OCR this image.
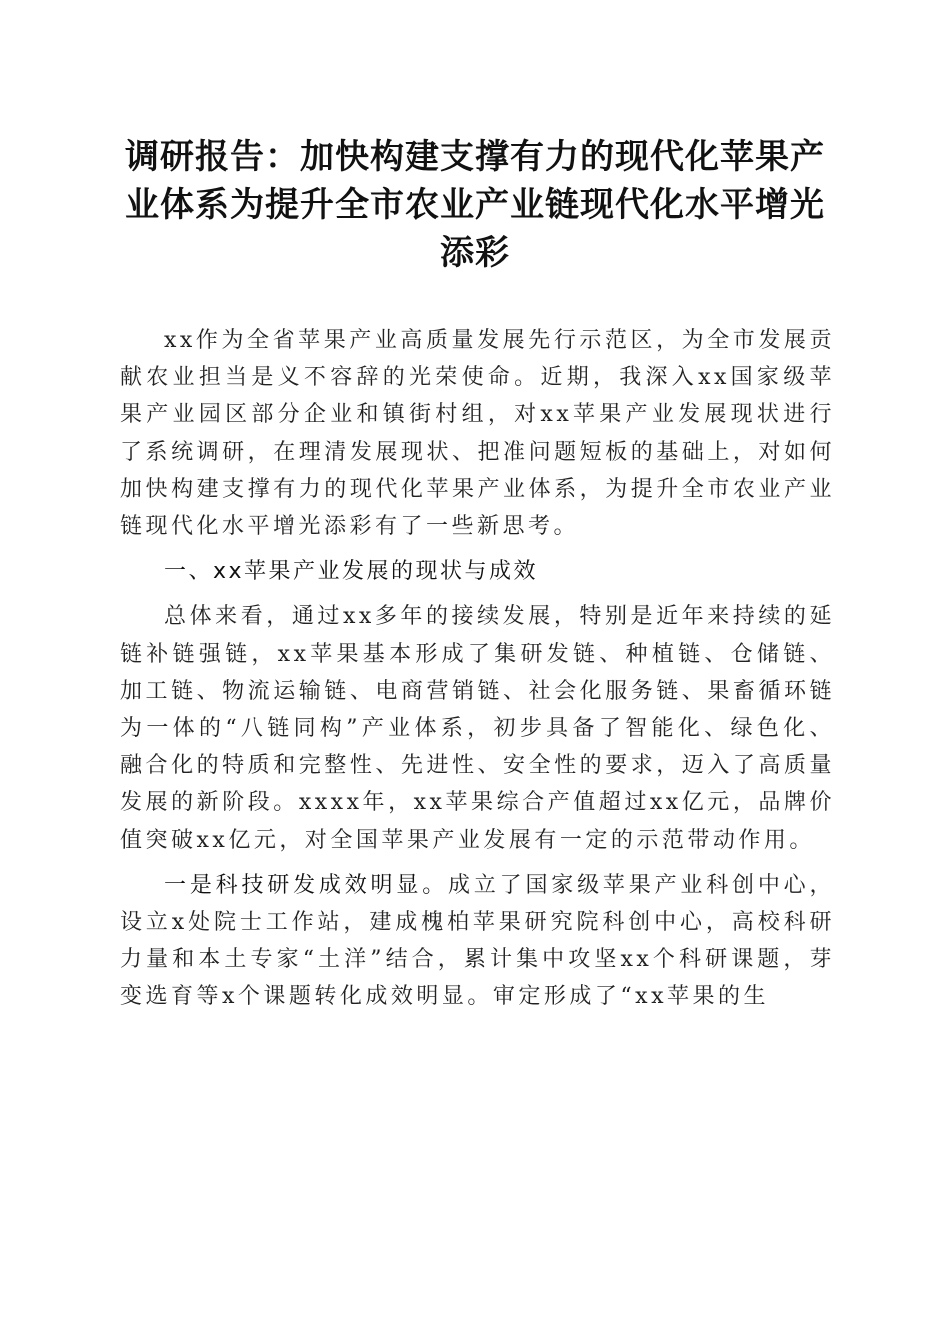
调研报告：加快构建支撑有力的现代化苹果产业体系为提升全市农业产业链现代化水平增光添彩

xx作为全省苹果产业高质量发展先行示范区，为全市发展贡献农业担当是义不容辞的光荣使命。近期，我深入xx国家级苹果产业园区部分企业和镇街村组，对xx苹果产业发展现状进行了系统调研，在理清发展现状、把准问题短板的基础上，对如何加快构建支撑有力的现代化苹果产业体系，为提升全市农业产业链现代化水平增光添彩有了一些新思考。

一、xx苹果产业发展的现状与成效

总体来看，通过xx多年的接续发展，特别是近年来持续的延链补链强链，xx苹果基本形成了集研发链、种植链、仓储链、加工链、物流运输链、电商营销链、社会化服务链、果畜循环链为一体的“八链同构”产业体系，初步具备了智能化、绿色化、融合化的特质和完整性、先进性、安全性的要求，迈入了高质量发展的新阶段。xxxx年，xx苹果综合产值超过xx亿元，品牌价值突破xx亿元，对全国苹果产业发展有一定的示范带动作用。

一是科技研发成效明显。成立了国家级苹果产业科创中心，设立x处院士工作站，建成槐柏苹果研究院科创中心，高校科研力量和本土专家“土洋”结合，累计集中攻坚xx个科研课题，芽变选育等x个课题转化成效明显。审定形成了“xx苹果的生
